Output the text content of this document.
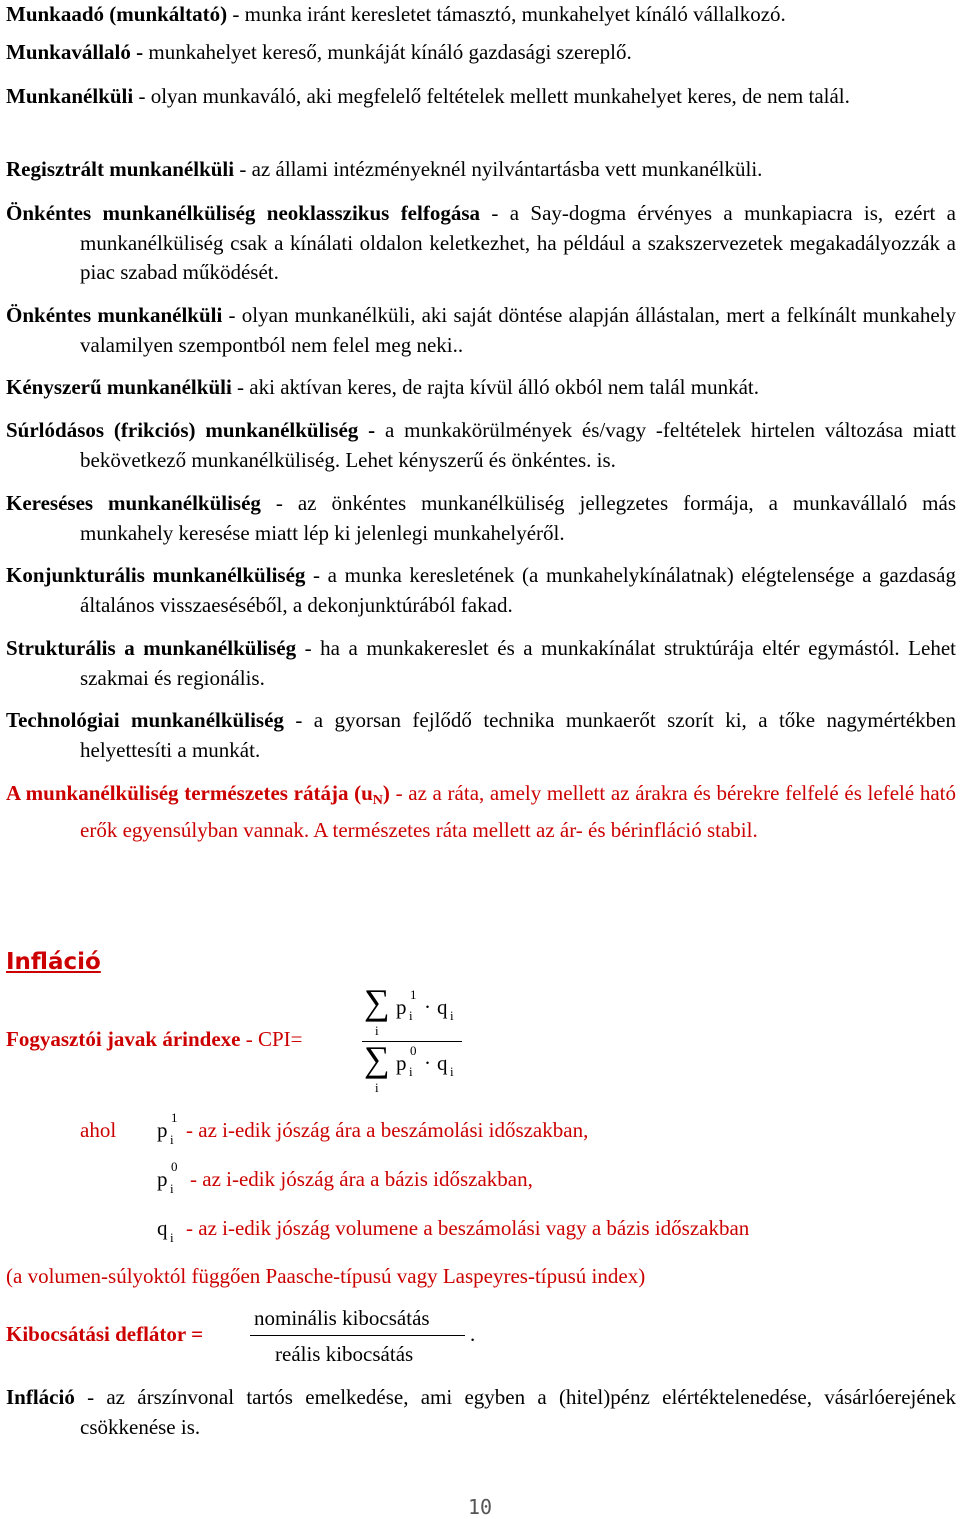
Munkaadó (munkáltató) - munka iránt keresletet támasztó, munkahelyet kínáló vállalkozó.
Munkavállaló - munkahelyet kereső, munkáját kínáló gazdasági szereplő.
Munkanélküli - olyan munkaváló, aki megfelelő feltételek mellett munkahelyet keres, de nem talál.
Regisztrált munkanélküli - az állami intézményeknél nyilvántartásba vett munkanélküli.
Önkéntes munkanélküliség neoklasszikus felfogása - a Say-dogma érvényes a munkapiacra is, ezért a munkanélküliség csak a kínálati oldalon keletkezhet, ha például a szakszervezetek megakadályozzák a piac szabad működését.
Önkéntes munkanélküli - olyan munkanélküli, aki saját döntése alapján állástalan, mert a felkínált munkahely valamilyen szempontból nem felel meg neki..
Kényszerű munkanélküli - aki aktívan keres, de rajta kívül álló okból nem talál munkát.
Súrlódásos (frikciós) munkanélküliség - a munkakörülmények és/vagy -feltételek hirtelen változása miatt bekövetkező munkanélküliség. Lehet kényszerű és önkéntes. is.
Kereséses munkanélküliség - az önkéntes munkanélküliség jellegzetes formája, a munkavállaló más munkahely keresése miatt lép ki jelenlegi munkahelyéről.
Konjunkturális munkanélküliség - a munka keresletének (a munkahelykínálatnak) elégtelensége a gazdaság általános visszaeséséből, a dekonjunktúrából fakad.
Strukturális a munkanélküliség - ha a munkakereslet és a munkakínálat struktúrája eltér egymástól. Lehet szakmai és regionális.
Technológiai munkanélküliség - a gyorsan fejlődő technika munkaerőt szorít ki, a tőke nagymértékben helyettesíti a munkát.
A munkanélküliség természetes rátája $(u_N)$ - az a ráta, amely mellett az árakra és bérekre felfelé és lefelé ható erők egyensúlyban vannak. A természetes ráta mellett az ár- és bérinfláció stabil.
Infláció
Fogyasztói javak árindexe - CPI=
∑
i
p
1
i · q i
∑
i
p
0
i · q i
ahol p
1
i - az i-edik jószág ára a beszámolási időszakban,
p
0
i - az i-edik jószág ára a bázis időszakban,
q i - az i-edik jószág volumene a beszámolási vagy a bázis időszakban
(a volumen-súlyoktól függően Paasche-típusú vagy Laspeyres-típusú index)
Kibocsátási deflátor =
nominális kibocsátás
reális kibocsátás
.
Infláció - az árszínvonal tartós emelkedése, ami egyben a (hitel)pénz elértéktelenedése, vásárlóerejének csökkenése is.
10
